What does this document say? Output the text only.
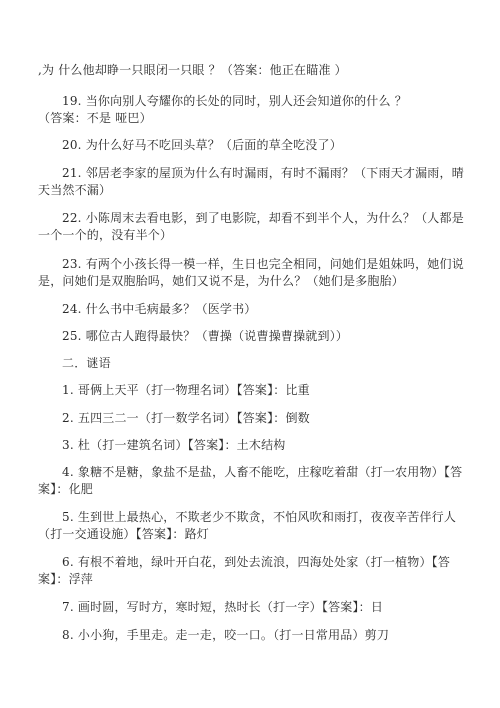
,为 什么他却睁一只眼闭一只眼 ？（答案：他正在瞄准 ）
19. 当你向别人夸耀你的长处的同时，别人还会知道你的什么 ？
（答案：不是 哑巴）
20. 为什么好马不吃回头草？（后面的草全吃没了）
21. 邻居老李家的屋顶为什么有时漏雨，有时不漏雨？（下雨天才漏雨，晴
天当然不漏）
22. 小陈周末去看电影，到了电影院，却看不到半个人，为什么？（人都是
一个一个的，没有半个）
23. 有两个小孩长得一模一样，生日也完全相同，问她们是姐妹吗，她们说
是，问她们是双胞胎吗，她们又说不是，为什么？（她们是多胞胎）
24. 什么书中毛病最多？（医学书）
25. 哪位古人跑得最快？（曹操（说曹操曹操就到））
二．谜语
1. 哥俩上天平（打一物理名词）【答案】：比重
2. 五四三二一（打一数学名词）【答案】：倒数
3. 杜（打一建筑名词）【答案】：土木结构
4. 象糖不是糖，象盐不是盐，人畜不能吃，庄稼吃着甜（打一农用物）【答
案】：化肥
5. 生到世上最热心，不欺老少不欺贪，不怕风吹和雨打，夜夜辛苦伴行人
（打一交通设施）【答案】：路灯
6. 有根不着地，绿叶开白花，到处去流浪，四海处处家（打一植物）【答
案】：浮萍
7. 画时圆，写时方，寒时短，热时长（打一字）【答案】：日
8. 小小狗，手里走。走一走，咬一口。（打一日常用品）剪刀
